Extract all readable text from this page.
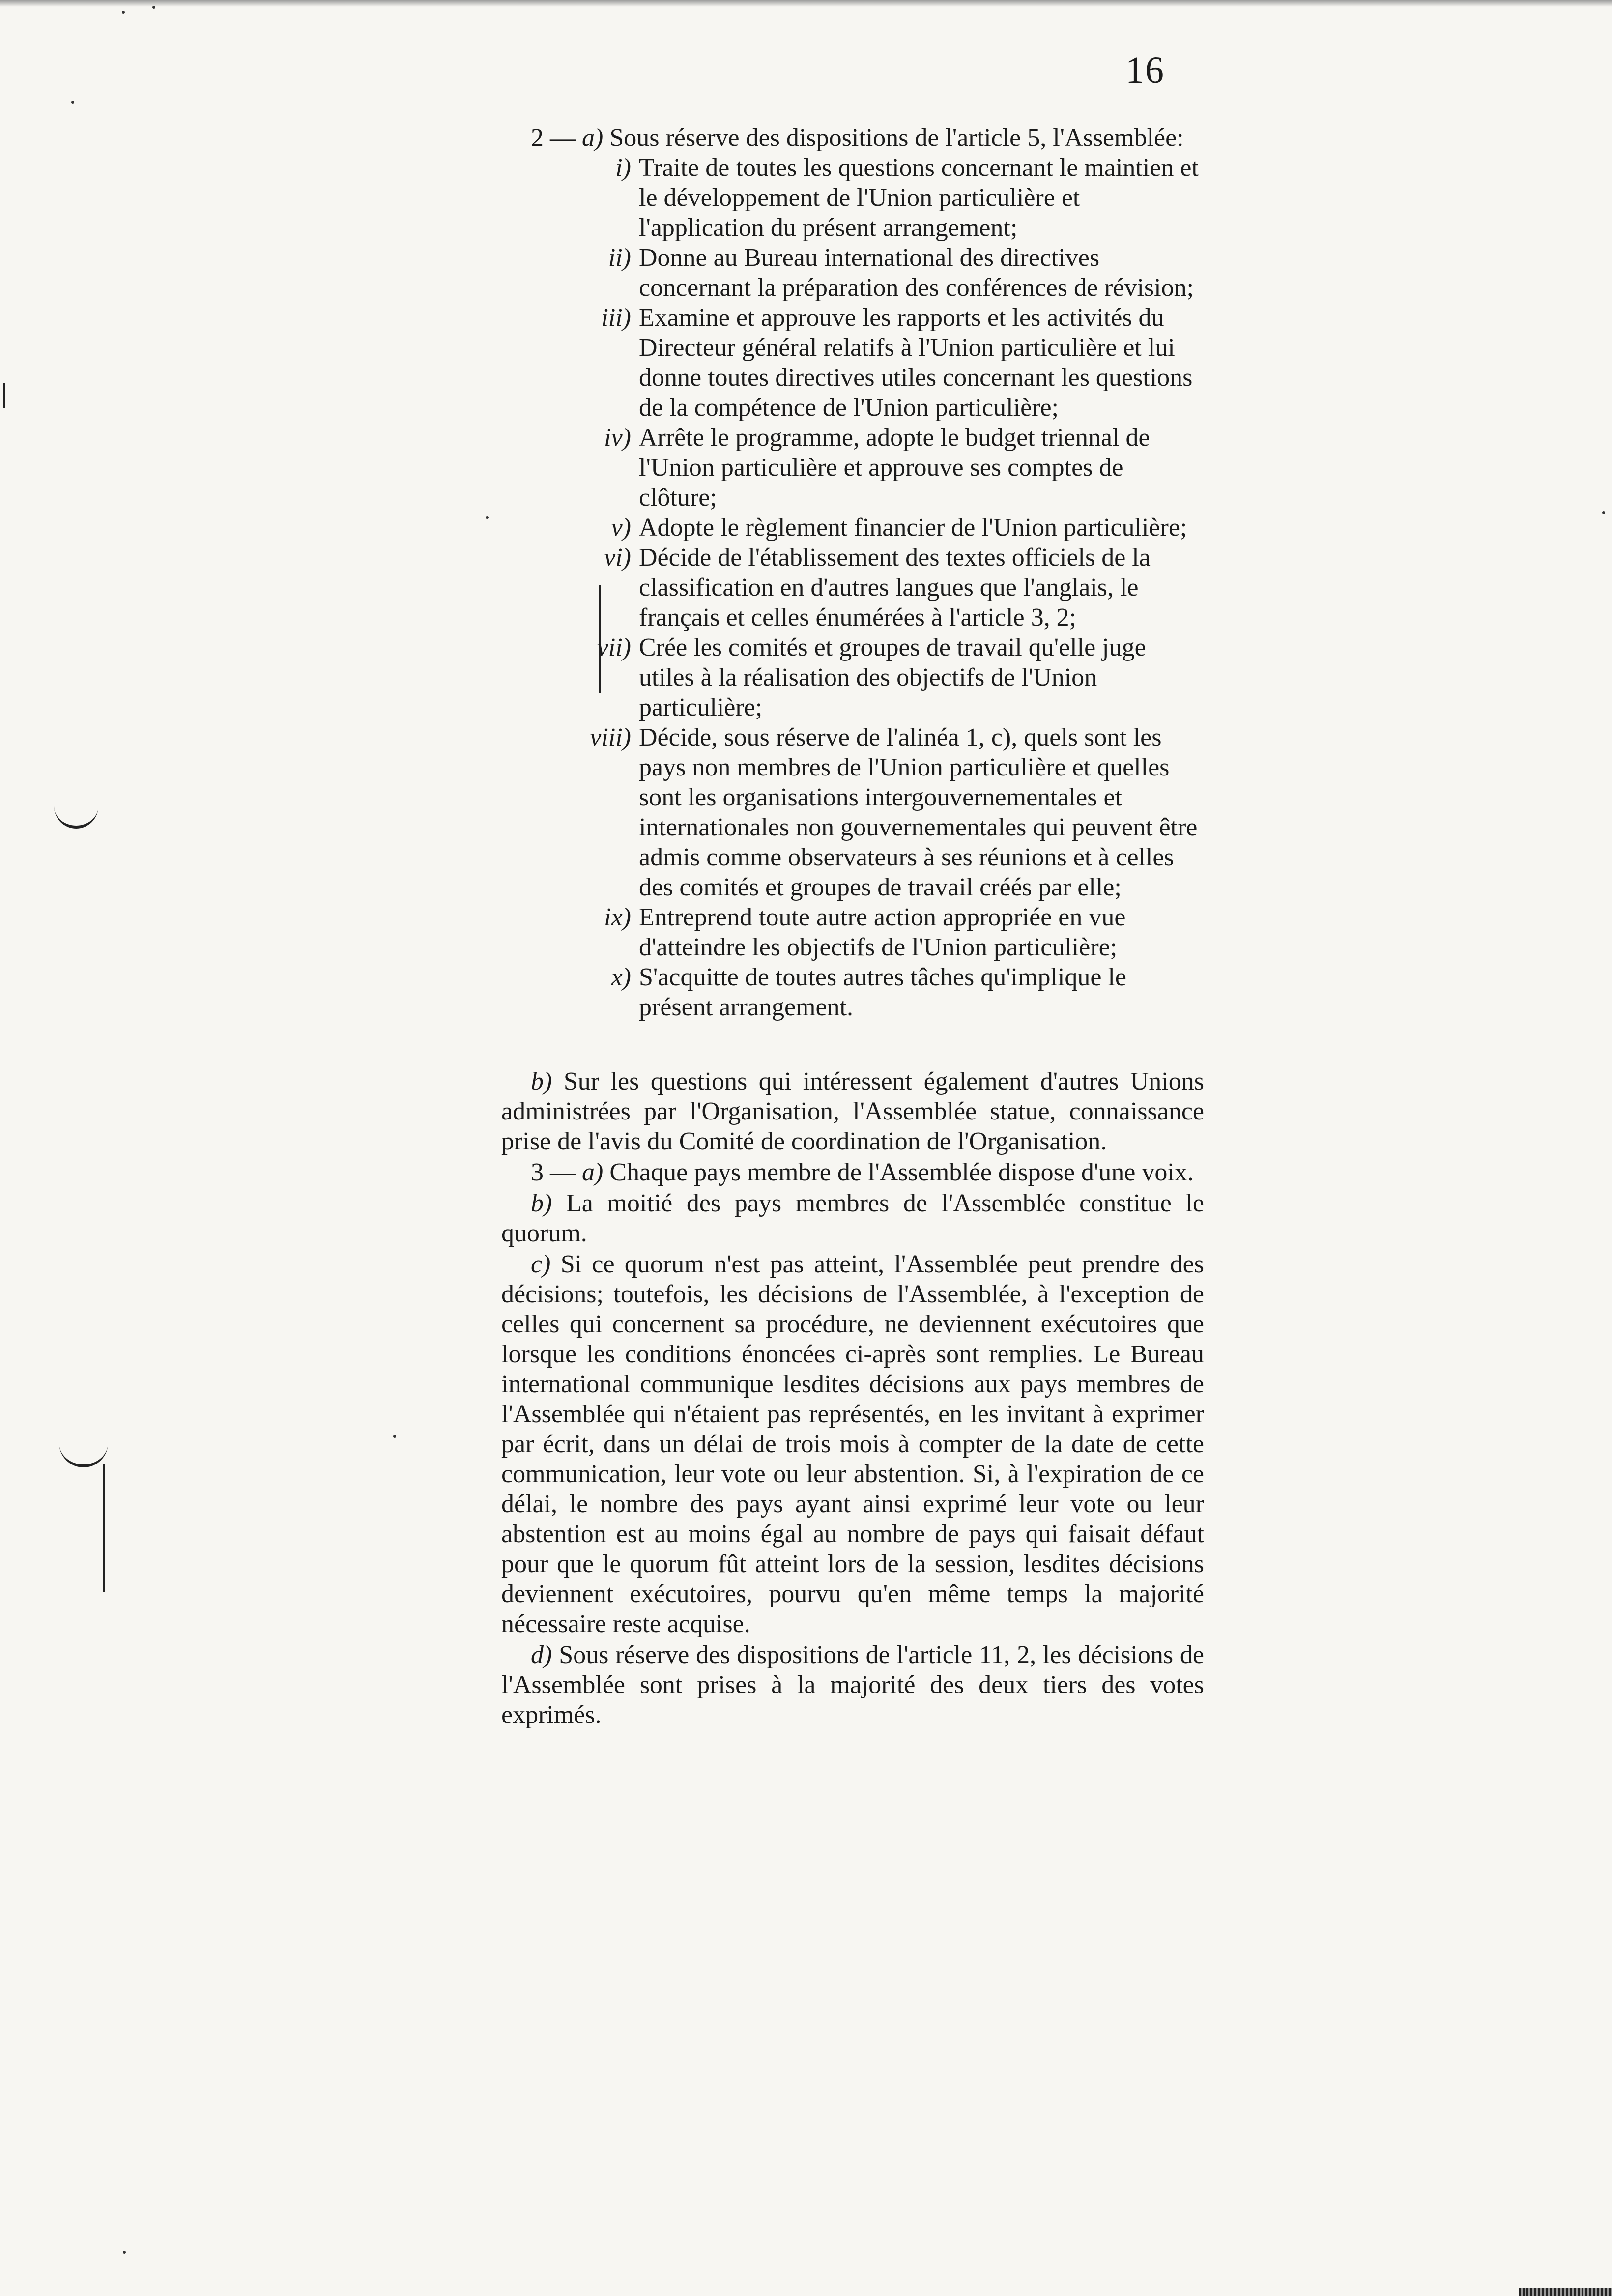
16

2 — a) Sous réserve des dispositions de l'article 5, l'Assemblée:

i) Traite de toutes les questions concernant le maintien et le développement de l'Union particulière et l'application du présent arrangement;
ii) Donne au Bureau international des directives concernant la préparation des conférences de révision;
iii) Examine et approuve les rapports et les activités du Directeur général relatifs à l'Union particulière et lui donne toutes directives utiles concernant les questions de la compétence de l'Union particulière;
iv) Arrête le programme, adopte le budget triennal de l'Union particulière et approuve ses comptes de clôture;
v) Adopte le règlement financier de l'Union particulière;
vi) Décide de l'établissement des textes officiels de la classification en d'autres langues que l'anglais, le français et celles énumérées à l'article 3, 2;
vii) Crée les comités et groupes de travail qu'elle juge utiles à la réalisation des objectifs de l'Union particulière;
viii) Décide, sous réserve de l'alinéa 1, c), quels sont les pays non membres de l'Union particulière et quelles sont les organisations intergouvernementales et internationales non gouvernementales qui peuvent être admis comme observateurs à ses réunions et à celles des comités et groupes de travail créés par elle;
ix) Entreprend toute autre action appropriée en vue d'atteindre les objectifs de l'Union particulière;
x) S'acquitte de toutes autres tâches qu'implique le présent arrangement.

b) Sur les questions qui intéressent également d'autres Unions administrées par l'Organisation, l'Assemblée statue, connaissance prise de l'avis du Comité de coordination de l'Organisation.

3 — a) Chaque pays membre de l'Assemblée dispose d'une voix.

b) La moitié des pays membres de l'Assemblée constitue le quorum.

c) Si ce quorum n'est pas atteint, l'Assemblée peut prendre des décisions; toutefois, les décisions de l'Assemblée, à l'exception de celles qui concernent sa procédure, ne deviennent exécutoires que lorsque les conditions énoncées ci-après sont remplies. Le Bureau international communique lesdites décisions aux pays membres de l'Assemblée qui n'étaient pas représentés, en les invitant à exprimer par écrit, dans un délai de trois mois à compter de la date de cette communication, leur vote ou leur abstention. Si, à l'expiration de ce délai, le nombre des pays ayant ainsi exprimé leur vote ou leur abstention est au moins égal au nombre de pays qui faisait défaut pour que le quorum fût atteint lors de la session, lesdites décisions deviennent exécutoires, pourvu qu'en même temps la majorité nécessaire reste acquise.

d) Sous réserve des dispositions de l'article 11, 2, les décisions de l'Assemblée sont prises à la majorité des deux tiers des votes exprimés.
